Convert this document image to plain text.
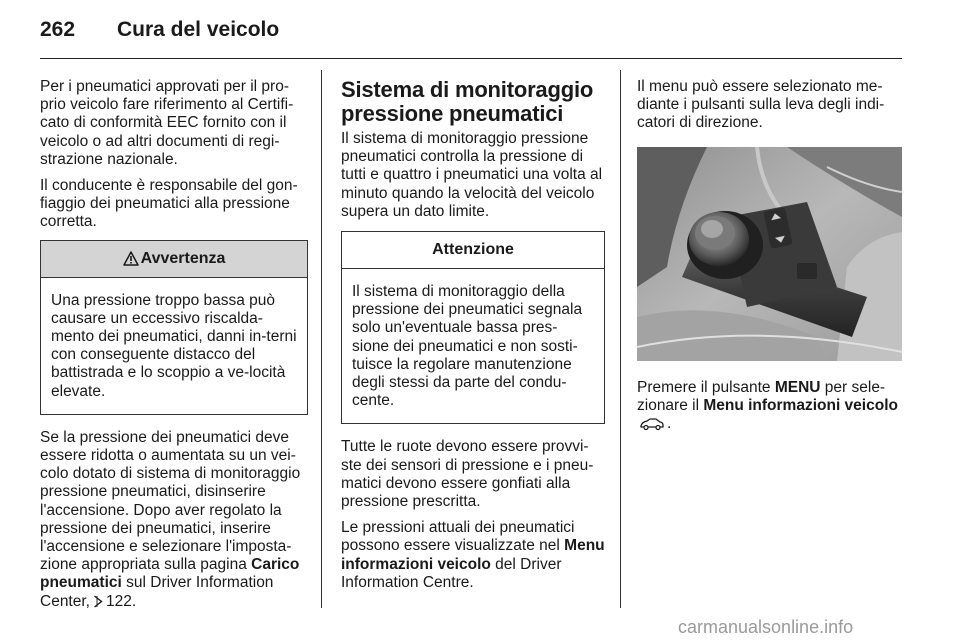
262 Cura del veicolo

Per i pneumatici approvati per il pro-prio veicolo fare riferimento al Certifi-cato di conformità EEC fornito con il veicolo o ad altri documenti di regi-strazione nazionale.

Il conducente è responsabile del gon-fiaggio dei pneumatici alla pressione corretta.

Avvertenza
Una pressione troppo bassa può causare un eccessivo riscalda-mento dei pneumatici, danni in-terni con conseguente distacco del battistrada e lo scoppio a ve-locità elevate.

Se la pressione dei pneumatici deve essere ridotta o aumentata su un vei-colo dotato di sistema di monitoraggio pressione pneumatici, disinserire l'accensione. Dopo aver regolato la pressione dei pneumatici, inserire l'accensione e selezionare l'imposta-zione appropriata sulla pagina Carico pneumatici sul Driver Information Center, 122.

Sistema di monitoraggio pressione pneumatici

Il sistema di monitoraggio pressione pneumatici controlla la pressione di tutti e quattro i pneumatici una volta al minuto quando la velocità del veicolo supera un dato limite.

Attenzione
Il sistema di monitoraggio della pressione dei pneumatici segnala solo un'eventuale bassa pres-sione dei pneumatici e non sosti-tuisce la regolare manutenzione degli stessi da parte del condu-cente.

Tutte le ruote devono essere provvi-ste dei sensori di pressione e i pneu-matici devono essere gonfiati alla pressione prescritta.

Le pressioni attuali dei pneumatici possono essere visualizzate nel Menu informazioni veicolo del Driver Information Centre.

Il menu può essere selezionato me-diante i pulsanti sulla leva degli indi-catori di direzione.

Premere il pulsante MENU per sele-zionare il Menu informazioni veicolo
.

carmanualsonline.info
